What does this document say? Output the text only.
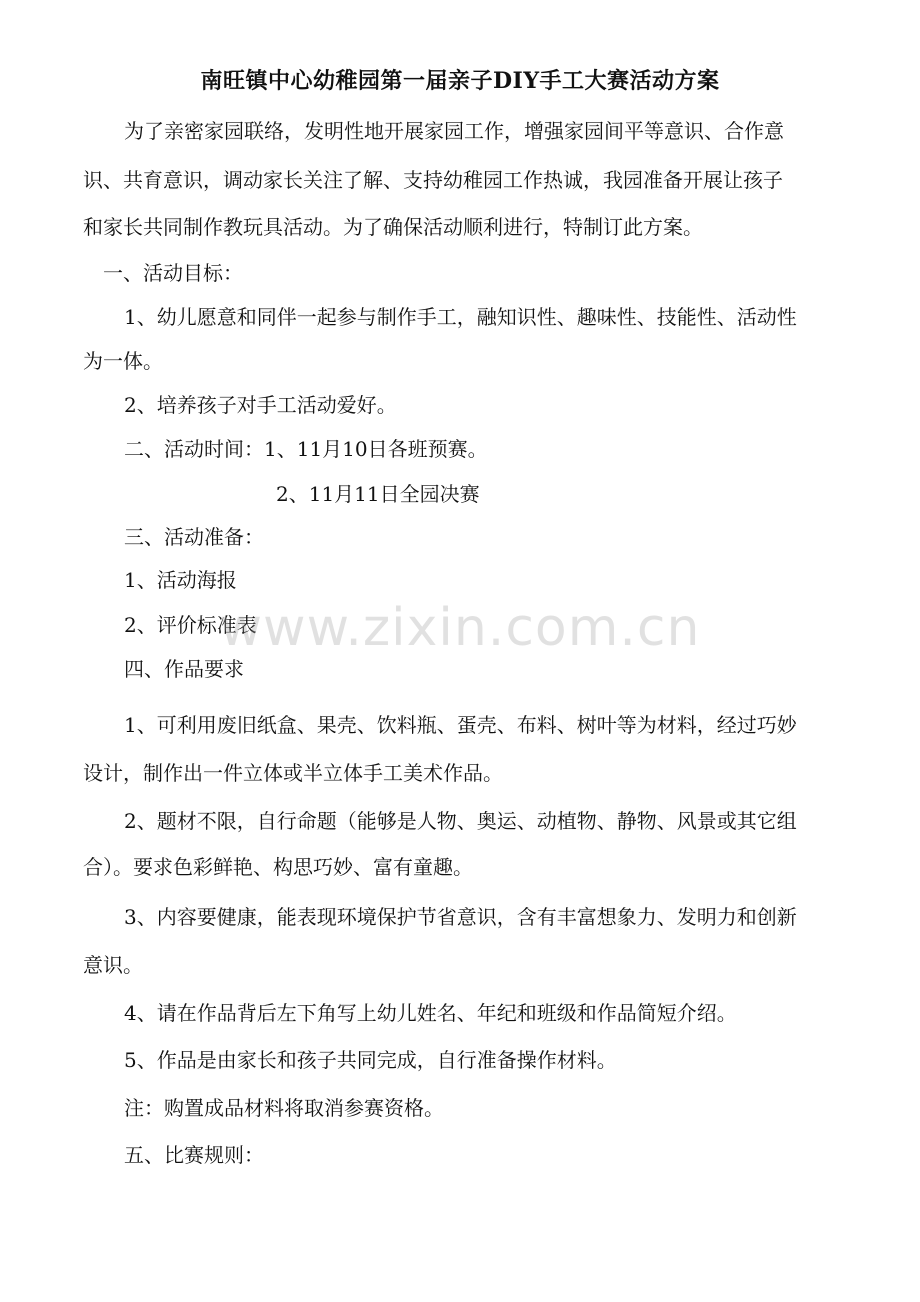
南旺镇中心幼稚园第一届亲子DIY手工大赛活动方案
为了亲密家园联络，发明性地开展家园工作，增强家园间平等意识、合作意
识、共育意识，调动家长关注了解、支持幼稚园工作热诚，我园准备开展让孩子
和家长共同制作教玩具活动。为了确保活动顺利进行，特制订此方案。
一、活动目标：
1、幼儿愿意和同伴一起参与制作手工，融知识性、趣味性、技能性、活动性
为一体。
2、培养孩子对手工活动爱好。
二、活动时间：1、11月10日各班预赛。
2、11月11日全园决赛
三、活动准备：
1、活动海报
2、评价标准表
四、作品要求
1、可利用废旧纸盒、果壳、饮料瓶、蛋壳、布料、树叶等为材料，经过巧妙
设计，制作出一件立体或半立体手工美术作品。
2、题材不限，自行命题（能够是人物、奥运、动植物、静物、风景或其它组
合）。要求色彩鲜艳、构思巧妙、富有童趣。
3、内容要健康，能表现环境保护节省意识，含有丰富想象力、发明力和创新
意识。
4、请在作品背后左下角写上幼儿姓名、年纪和班级和作品简短介绍。
5、作品是由家长和孩子共同完成，自行准备操作材料。
注：购置成品材料将取消参赛资格。
五、比赛规则：
www.zixin.com.cn
